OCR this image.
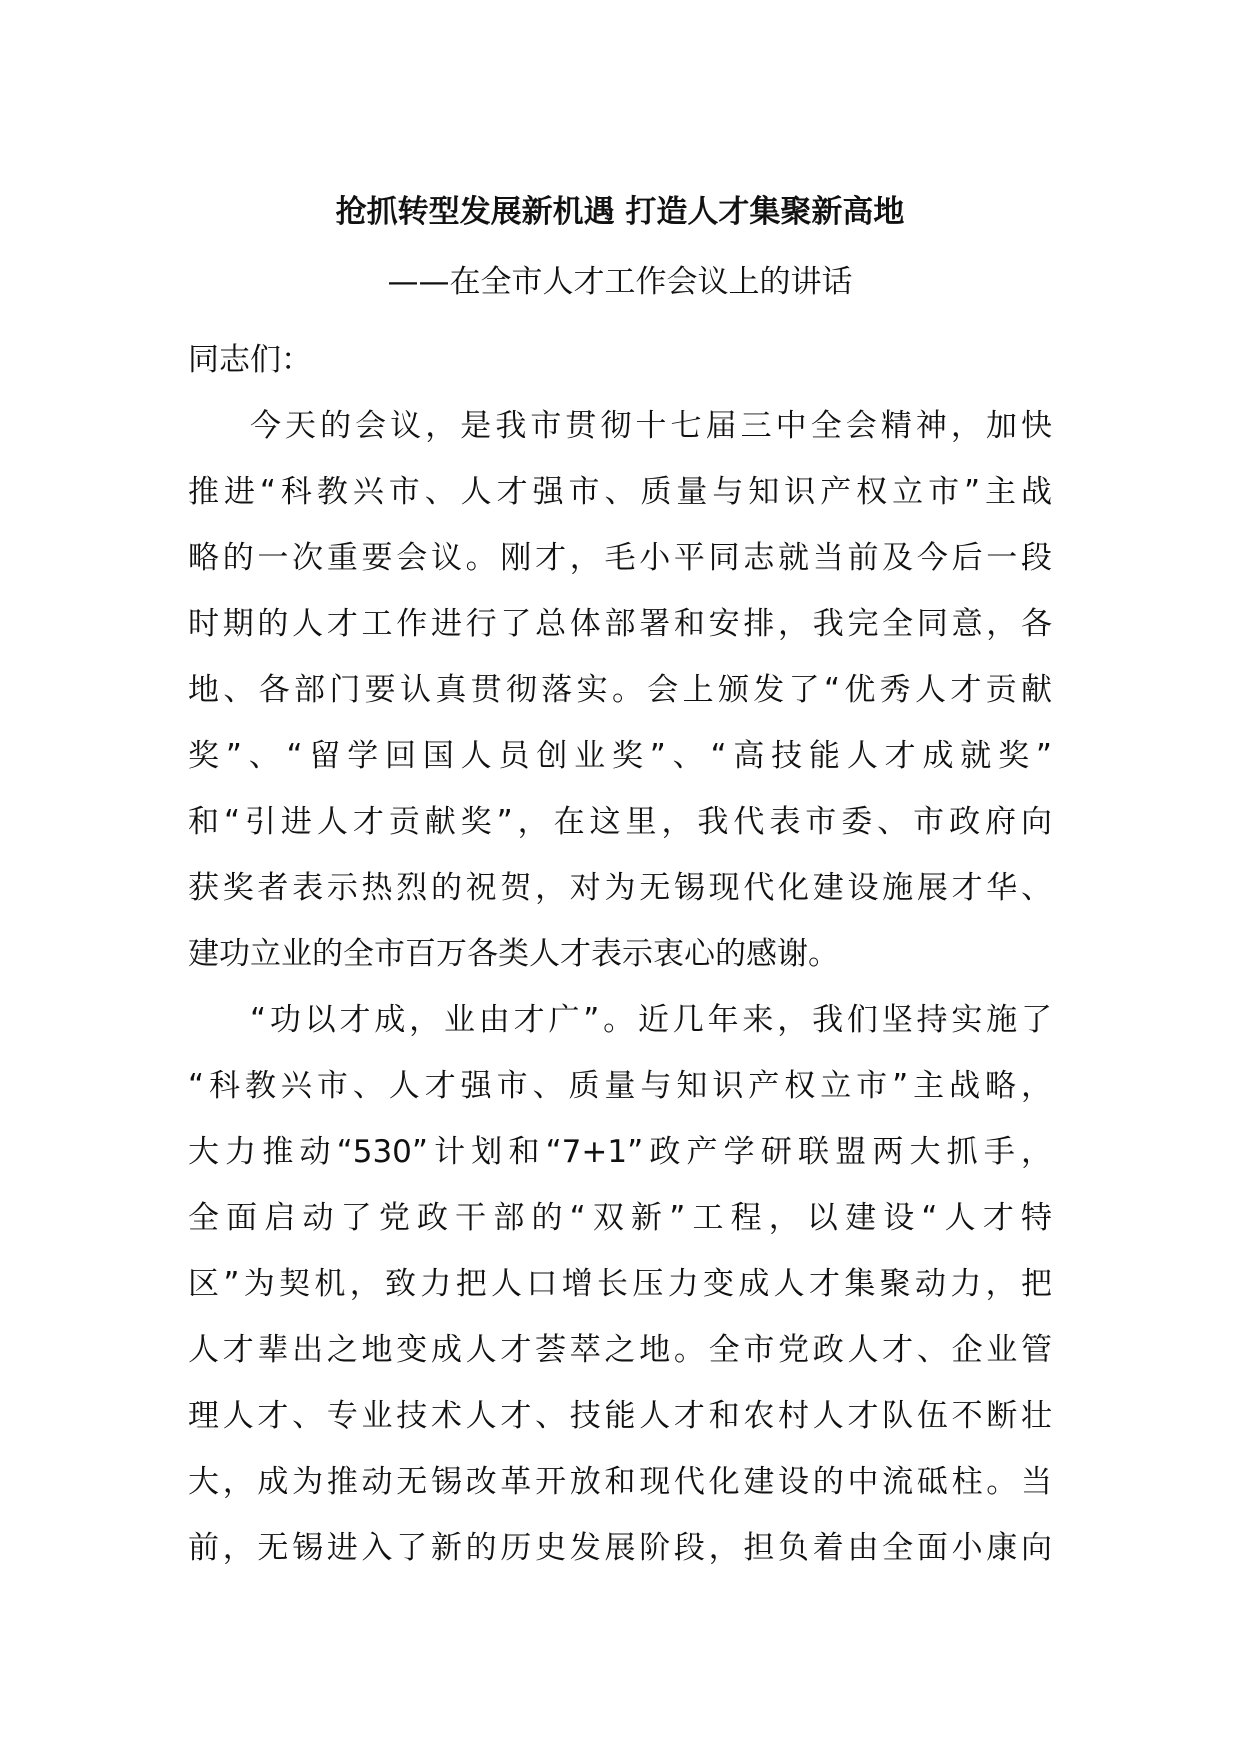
抢抓转型发展新机遇 打造人才集聚新高地
——在全市人才工作会议上的讲话
同志们：
今天的会议，是我市贯彻十七届三中全会精神，加快
推进“科教兴市、人才强市、质量与知识产权立市”主战
略的一次重要会议。刚才，毛小平同志就当前及今后一段
时期的人才工作进行了总体部署和安排，我完全同意，各
地、各部门要认真贯彻落实。会上颁发了“优秀人才贡献
奖”、“留学回国人员创业奖”、“高技能人才成就奖”
和“引进人才贡献奖”，在这里，我代表市委、市政府向
获奖者表示热烈的祝贺，对为无锡现代化建设施展才华、
建功立业的全市百万各类人才表示衷心的感谢。
“功以才成，业由才广”。近几年来，我们坚持实施了
“科教兴市、人才强市、质量与知识产权立市”主战略，
大力推动“530”计划和“7+1”政产学研联盟两大抓手，
全面启动了党政干部的“双新”工程，以建设“人才特
区”为契机，致力把人口增长压力变成人才集聚动力，把
人才辈出之地变成人才荟萃之地。全市党政人才、企业管
理人才、专业技术人才、技能人才和农村人才队伍不断壮
大，成为推动无锡改革开放和现代化建设的中流砥柱。当
前，无锡进入了新的历史发展阶段，担负着由全面小康向
